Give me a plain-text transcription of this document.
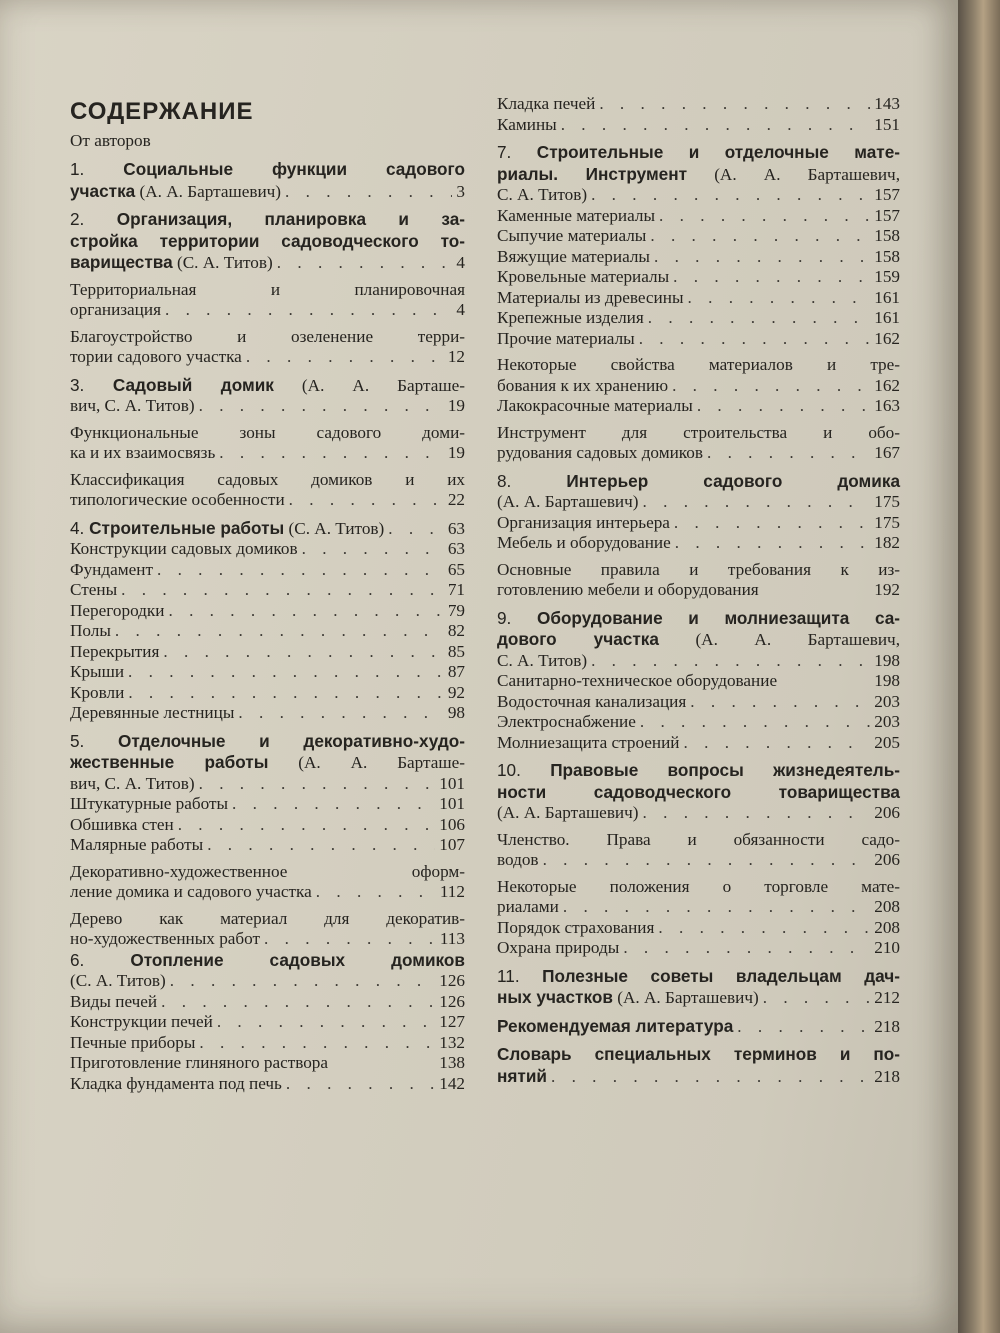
СОДЕРЖАНИЕ
От авторов
1. Социальные функции садового
участка (А. А. Барташевич) . . .	3
2. Организация, планировка и за-
стройка территории садоводческого то-
варищества (С. А. Титов) . . .	4
Территориальная и планировочная
организация . . .	4
Благоустройство и озеленение терри-
тории садового участка . . .	12
3. Садовый домик (А. А. Барташе-
вич, С. А. Титов) . . .	19
Функциональные зоны садового доми-
ка и их взаимосвязь . . .	19
Классификация садовых домиков и их
типологические особенности . . .	22
4. Строительные работы (С. А. Титов) . . .	63
Конструкции садовых домиков . . .	63
Фундамент . . .	65
Стены . . .	71
Перегородки . . .	79
Полы . . .	82
Перекрытия . . .	85
Крыши . . .	87
Кровли . . .	92
Деревянные лестницы . . .	98
5. Отделочные и декоративно-худо-
жественные работы (А. А. Барташе-
вич, С. А. Титов) . . .	101
Штукатурные работы . . .	101
Обшивка стен . . .	106
Малярные работы . . .	107
Декоративно-художественное оформ-
ление домика и садового участка . . .	112
Дерево как материал для декоратив-
но-художественных работ . . .	113
6. Отопление садовых домиков
(С. А. Титов) . . .	126
Виды печей . . .	126
Конструкции печей . . .	127
Печные приборы . . .	132
Приготовление глиняного раствора	138
Кладка фундамента под печь . . .	142
Кладка печей . . .	143
Камины . . .	151
7. Строительные и отделочные мате-
риалы. Инструмент (А. А. Барташевич,
С. А. Титов) . . .	157
Каменные материалы . . .	157
Сыпучие материалы . . .	158
Вяжущие материалы . . .	158
Кровельные материалы . . .	159
Материалы из древесины . . .	161
Крепежные изделия . . .	161
Прочие материалы . . .	162
Некоторые свойства материалов и тре-
бования к их хранению . . .	162
Лакокрасочные материалы . . .	163
Инструмент для строительства и обо-
рудования садовых домиков . . .	167
8. Интерьер садового домика
(А. А. Барташевич) . . .	175
Организация интерьера . . .	175
Мебель и оборудование . . .	182
Основные правила и требования к из-
готовлению мебели и оборудования	192
9. Оборудование и молниезащита са-
дового участка (А. А. Барташевич,
С. А. Титов) . . .	198
Санитарно-техническое оборудование	198
Водосточная канализация . . .	203
Электроснабжение . . .	203
Молниезащита строений . . .	205
10. Правовые вопросы жизнедеятель-
ности садоводческого товарищества
(А. А. Барташевич) . . .	206
Членство. Права и обязанности садо-
водов . . .	206
Некоторые положения о торговле мате-
риалами . . .	208
Порядок страхования . . .	208
Охрана природы . . .	210
11. Полезные советы владельцам дач-
ных участков (А. А. Барташевич) . . .	212
Рекомендуемая литература . . .	218
Словарь специальных терминов и по-
нятий . . .	218
